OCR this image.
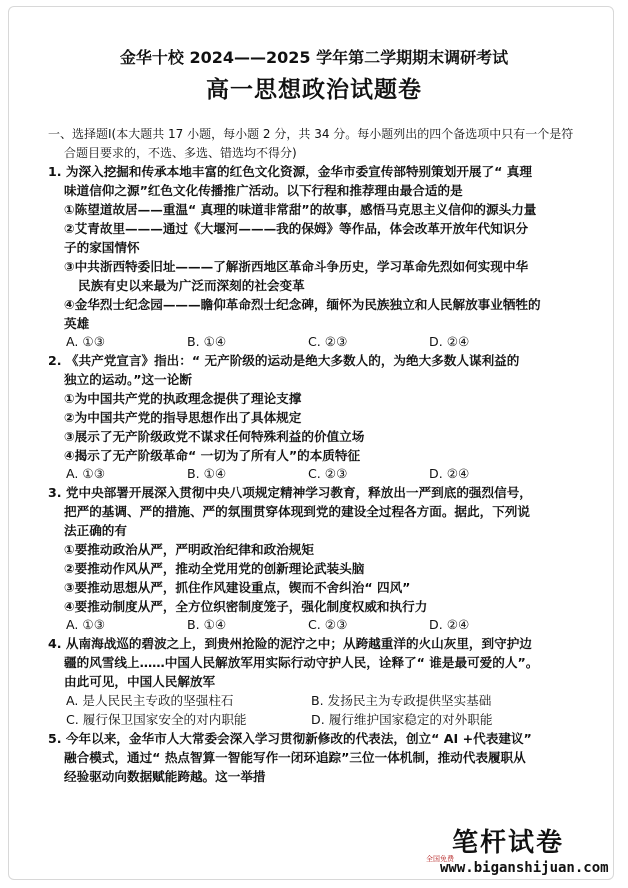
金华十校 2024——2025 学年第二学期期末调研考试
高一思想政治试题卷
一、选择题Ⅰ(本大题共 17 小题，每小题 2 分，共 34 分。每小题列出的四个备选项中只有一个是符
合题目要求的，不选、多选、错选均不得分)
1. 为深入挖掘和传承本地丰富的红色文化资源，金华市委宣传部特别策划开展了“ 真理
味道信仰之源”红色文化传播推广活动。以下行程和推荐理由最合适的是
①陈望道故居——重温“ 真理的味道非常甜”的故事，感悟马克思主义信仰的源头力量
②艾青故里———通过《大堰河———我的保姆》等作品，体会改革开放年代知识分
子的家国情怀
③中共浙西特委旧址———了解浙西地区革命斗争历史，学习革命先烈如何实现中华
民族有史以来最为广泛而深刻的社会变革
④金华烈士纪念园———瞻仰革命烈士纪念碑，缅怀为民族独立和人民解放事业牺牲的
英雄
A. ①③	B. ①④	C. ②③	D. ②④
2. 《共产党宣言》指出：“ 无产阶级的运动是绝大多数人的，为绝大多数人谋利益的
独立的运动。”这一论断
①为中国共产党的执政理念提供了理论支撑
②为中国共产党的指导思想作出了具体规定
③展示了无产阶级政党不谋求任何特殊利益的价值立场
④揭示了无产阶级革命“ 一切为了所有人”的本质特征
A. ①③	B. ①④	C. ②③	D. ②④
3. 党中央部署开展深入贯彻中央八项规定精神学习教育，释放出一严到底的强烈信号，
把严的基调、严的措施、严的氛围贯穿体现到党的建设全过程各方面。据此，下列说
法正确的有
①要推动政治从严，严明政治纪律和政治规矩
②要推动作风从严，推动全党用党的创新理论武装头脑
③要推动思想从严，抓住作风建设重点，锲而不舍纠治“ 四风”
④要推动制度从严，全方位织密制度笼子，强化制度权威和执行力
A. ①③	B. ①④	C. ②③	D. ②④
4. 从南海战巡的碧波之上，到贵州抢险的泥泞之中；从跨越重洋的火山灰里，到守护边
疆的风雪线上……中国人民解放军用实际行动守护人民，诠释了“ 谁是最可爱的人”。
由此可见，中国人民解放军
A. 是人民民主专政的坚强柱石	B. 发扬民主为专政提供坚实基础
C. 履行保卫国家安全的对内职能	D. 履行维护国家稳定的对外职能
5. 今年以来，金华市人大常委会深入学习贯彻新修改的代表法，创立“ AI +代表建议”
融合模式，通过“ 热点智算一智能写作一闭环追踪”三位一体机制，推动代表履职从
经验驱动向数据赋能跨越。这一举措
笔杆试卷
全国免费
www.biganshijuan.com
